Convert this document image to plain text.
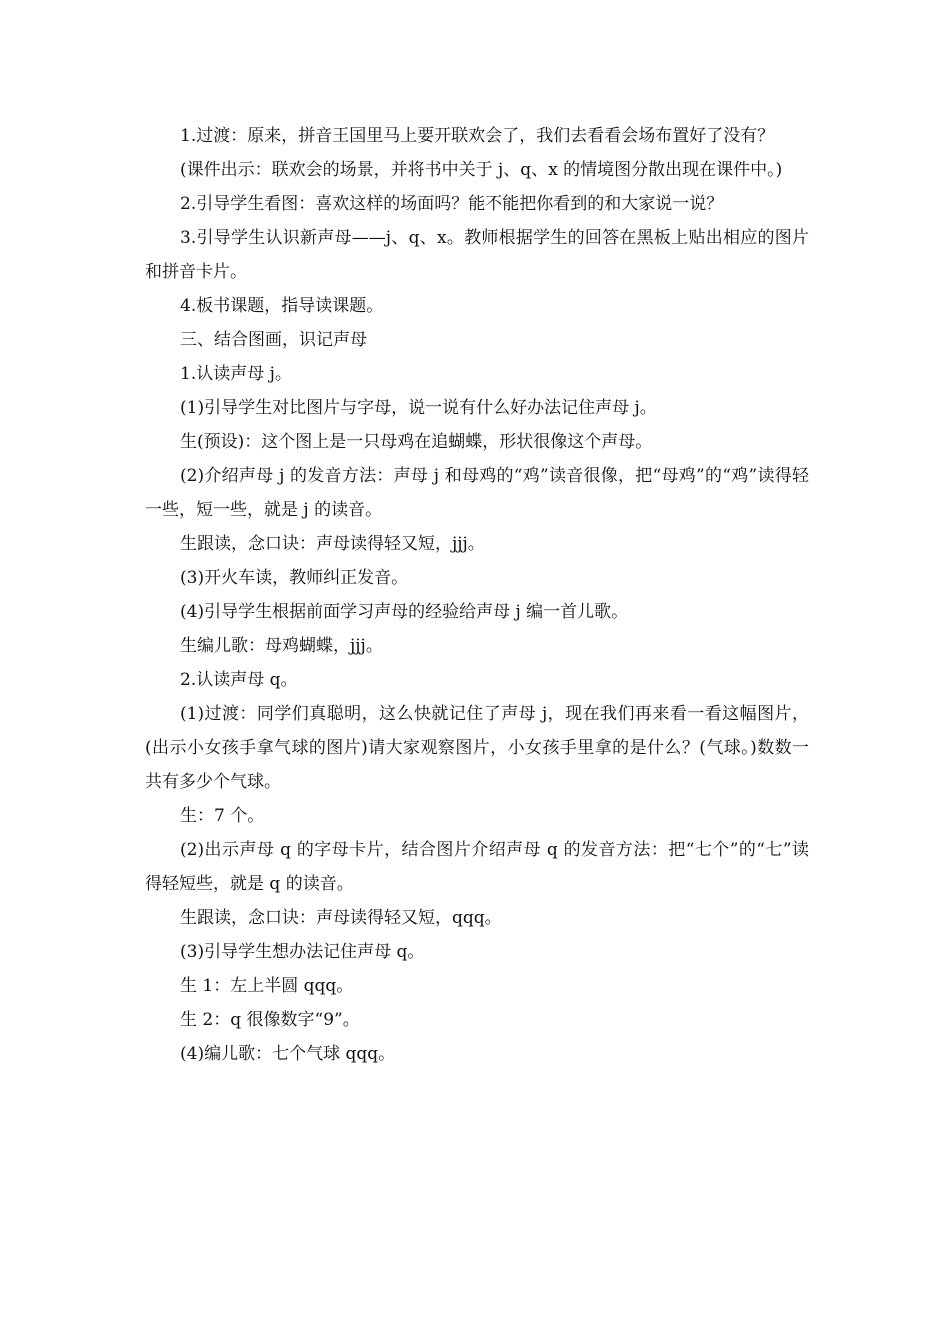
1.过渡：原来，拼音王国里马上要开联欢会了，我们去看看会场布置好了没有？

(课件出示：联欢会的场景，并将书中关于 j、q、x 的情境图分散出现在课件中。)

2.引导学生看图：喜欢这样的场面吗？能不能把你看到的和大家说一说？

3.引导学生认识新声母——j、q、x。教师根据学生的回答在黑板上贴出相应的图片和拼音卡片。

4.板书课题，指导读课题。

三、结合图画，识记声母

1.认读声母 j。

(1)引导学生对比图片与字母，说一说有什么好办法记住声母 j。

生(预设)：这个图上是一只母鸡在追蝴蝶，形状很像这个声母。

(2)介绍声母 j 的发音方法：声母 j 和母鸡的“鸡”读音很像，把“母鸡”的“鸡”读得轻一些，短一些，就是 j 的读音。

生跟读，念口诀：声母读得轻又短，jjj。

(3)开火车读，教师纠正发音。

(4)引导学生根据前面学习声母的经验给声母 j 编一首儿歌。

生编儿歌：母鸡蝴蝶，jjj。

2.认读声母 q。

(1)过渡：同学们真聪明，这么快就记住了声母 j，现在我们再来看一看这幅图片，(出示小女孩手拿气球的图片)请大家观察图片，小女孩手里拿的是什么？(气球。)数数一共有多少个气球。

生：7 个。

(2)出示声母 q 的字母卡片，结合图片介绍声母 q 的发音方法：把“七个”的“七”读得轻短些，就是 q 的读音。

生跟读，念口诀：声母读得轻又短，qqq。

(3)引导学生想办法记住声母 q。

生 1：左上半圆 qqq。

生 2：q 很像数字“9”。

(4)编儿歌：七个气球 qqq。
